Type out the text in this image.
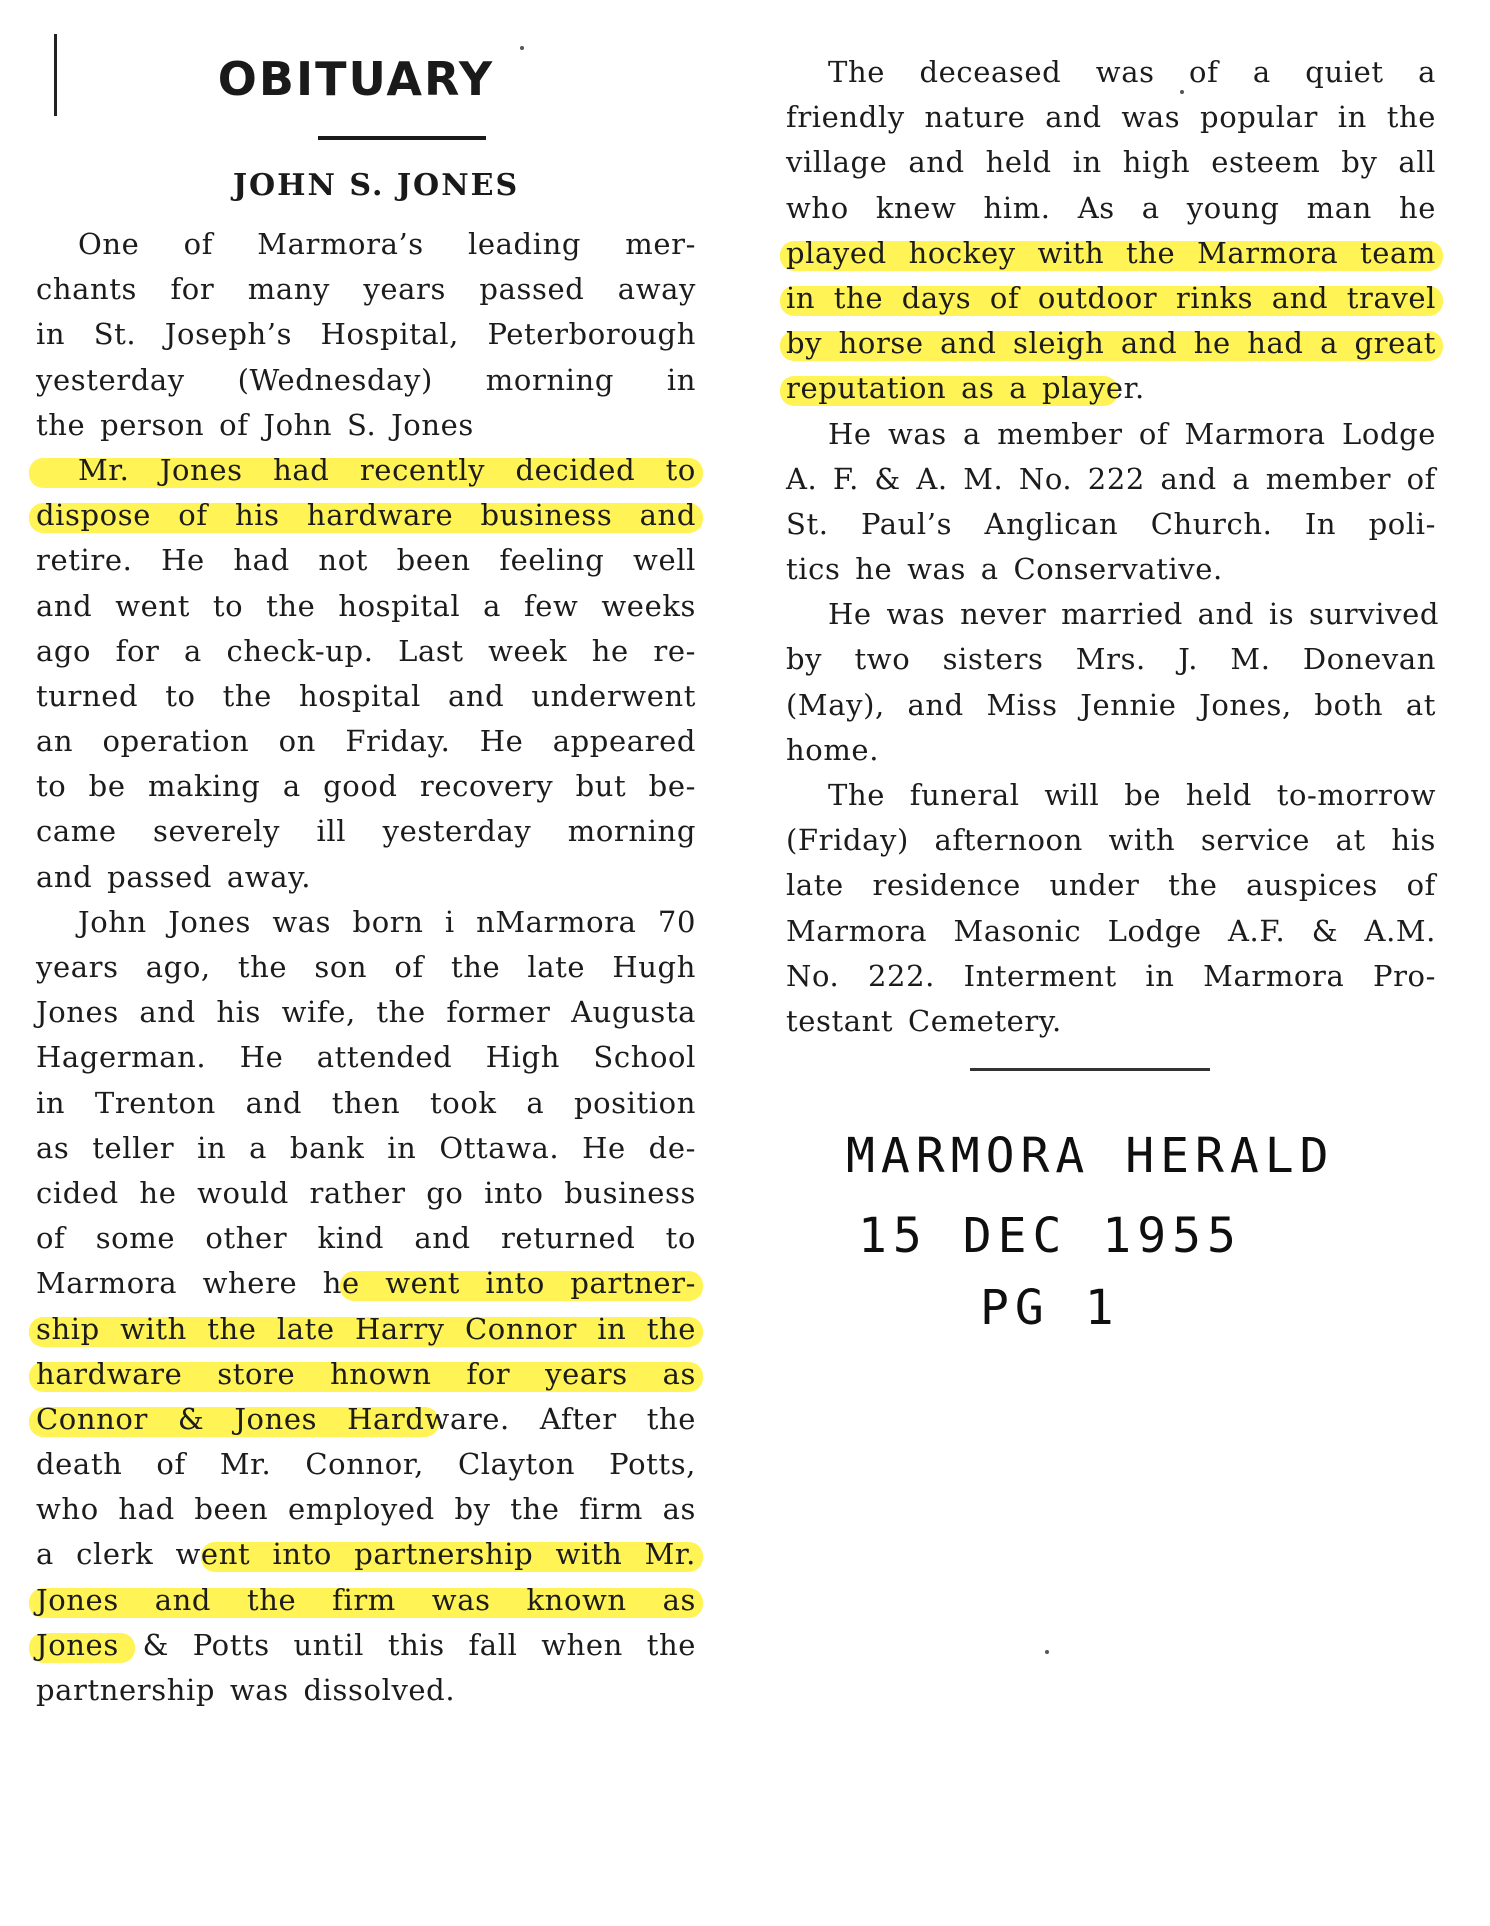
OBITUARY
JOHN S. JONES
One of Marmora’s leading mer-
chants for many years passed away
in St. Joseph’s Hospital, Peterborough
yesterday (Wednesday) morning in
the person of John S. Jones
Mr. Jones had recently decided to
dispose of his hardware business and
retire. He had not been feeling well
and went to the hospital a few weeks
ago for a check-up. Last week he re-
turned to the hospital and underwent
an operation on Friday. He appeared
to be making a good recovery but be-
came severely ill yesterday morning
and passed away.
John Jones was born i nMarmora 70
years ago, the son of the late Hugh
Jones and his wife, the former Augusta
Hagerman. He attended High School
in Trenton and then took a position
as teller in a bank in Ottawa. He de-
cided he would rather go into business
of some other kind and returned to
Marmora where he went into partner-
ship with the late Harry Connor in the
hardware store hnown for years as
Connor & Jones Hardware. After the
death of Mr. Connor, Clayton Potts,
who had been employed by the firm as
a clerk went into partnership with Mr.
Jones and the firm was known as
Jones & Potts until this fall when the
partnership was dissolved.
The deceased was of a quiet a
friendly nature and was popular in the
village and held in high esteem by all
who knew him. As a young man he
played hockey with the Marmora team
in the days of outdoor rinks and travel
by horse and sleigh and he had a great
reputation as a player.
He was a member of Marmora Lodge
A. F. & A. M. No. 222 and a member of
St. Paul’s Anglican Church. In poli-
tics he was a Conservative.
He was never married and is survived
by two sisters Mrs. J. M. Donevan
(May), and Miss Jennie Jones, both at
home.
The funeral will be held to-morrow
(Friday) afternoon with service at his
late residence under the auspices of
Marmora Masonic Lodge A.F. & A.M.
No. 222. Interment in Marmora Pro-
testant Cemetery.
MARMORA HERALD
15 DEC 1955
PG 1
